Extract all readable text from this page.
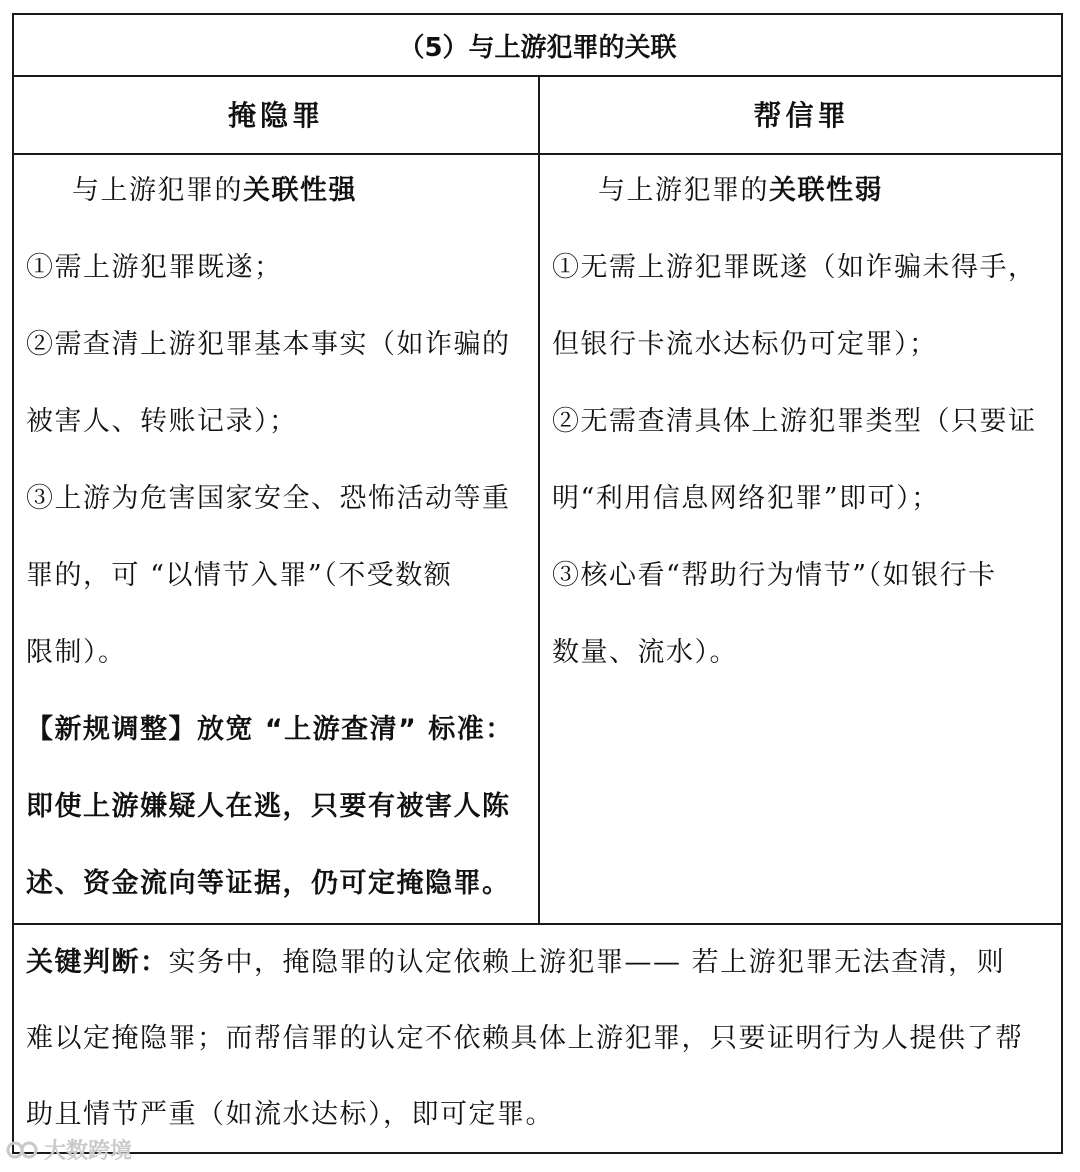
（5）与上游犯罪的关联
掩隐罪	帮信罪
与上游犯罪的关联性强
①需上游犯罪既遂；
②需查清上游犯罪基本事实（如诈骗的
被害人、转账记录）；
③上游为危害国家安全、恐怖活动等重
罪的，可 “以情节入罪”（不受数额
限制）。
【新规调整】放宽 “上游查清” 标准：
即使上游嫌疑人在逃，只要有被害人陈
述、资金流向等证据，仍可定掩隐罪。
与上游犯罪的关联性弱
①无需上游犯罪既遂（如诈骗未得手，
但银行卡流水达标仍可定罪）；
②无需查清具体上游犯罪类型（只要证
明“利用信息网络犯罪”即可）；
③核心看“帮助行为情节”（如银行卡
数量、流水）。
关键判断：实务中，掩隐罪的认定依赖上游犯罪—— 若上游犯罪无法查清，则
难以定掩隐罪；而帮信罪的认定不依赖具体上游犯罪，只要证明行为人提供了帮
助且情节严重（如流水达标），即可定罪。
大数跨境
